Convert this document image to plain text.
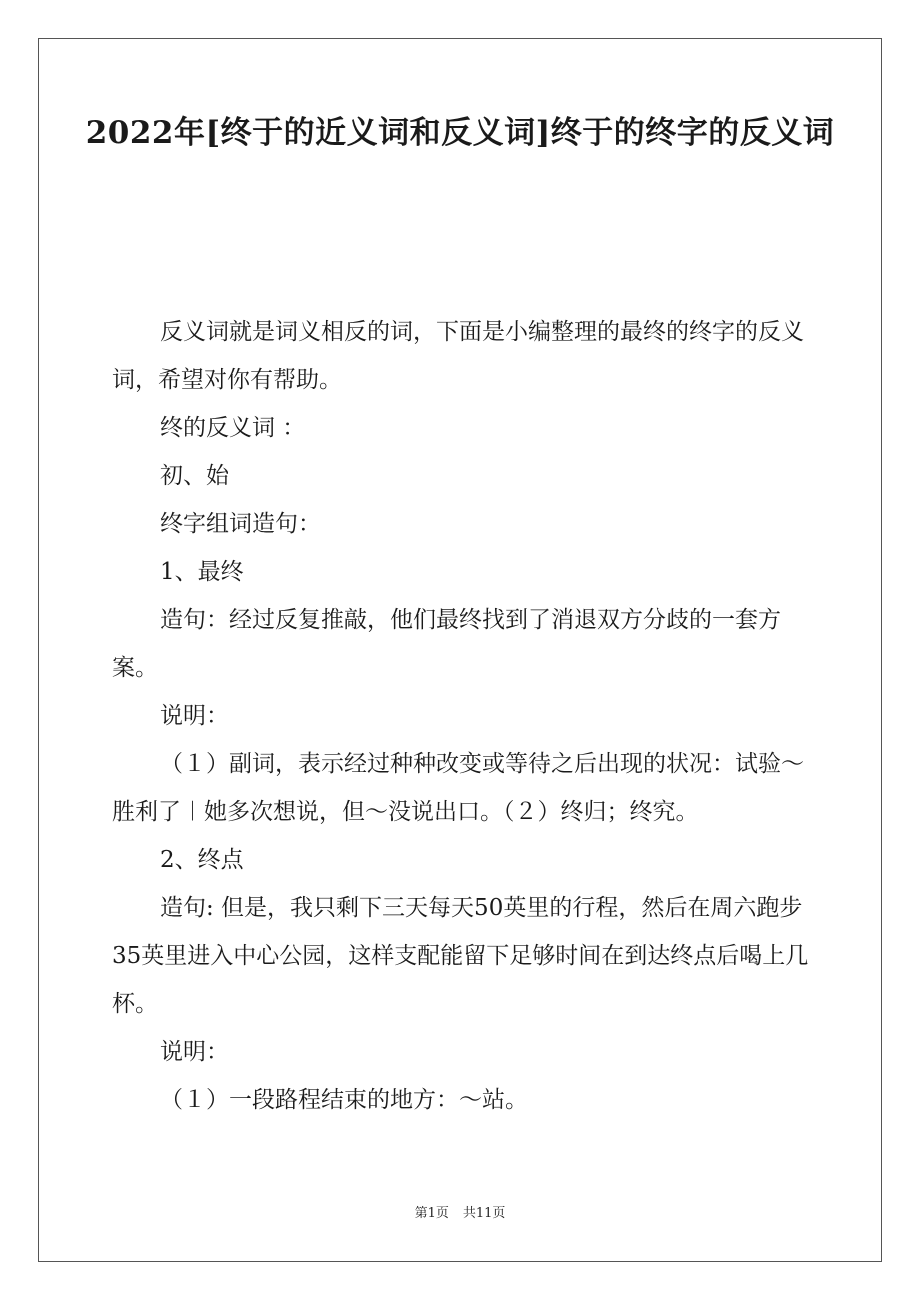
2022年[终于的近义词和反义词]终于的终字的反义词

反义词就是词义相反的词，下面是小编整理的最终的终字的反义词，希望对你有帮助。

终的反义词 ：

初、始

终字组词造句：

1、最终

造句：经过反复推敲，他们最终找到了消退双方分歧的一套方案。

说明：

（１）副词，表示经过种种改变或等待之后出现的状况：试验～胜利了︱她多次想说，但～没说出口。（２）终归；终究。

2、终点

造句: 但是，我只剩下三天每天50英里的行程，然后在周六跑步35英里进入中心公园，这样支配能留下足够时间在到达终点后喝上几杯。

说明：

（１）一段路程结束的地方：～站。

第1页 共11页
